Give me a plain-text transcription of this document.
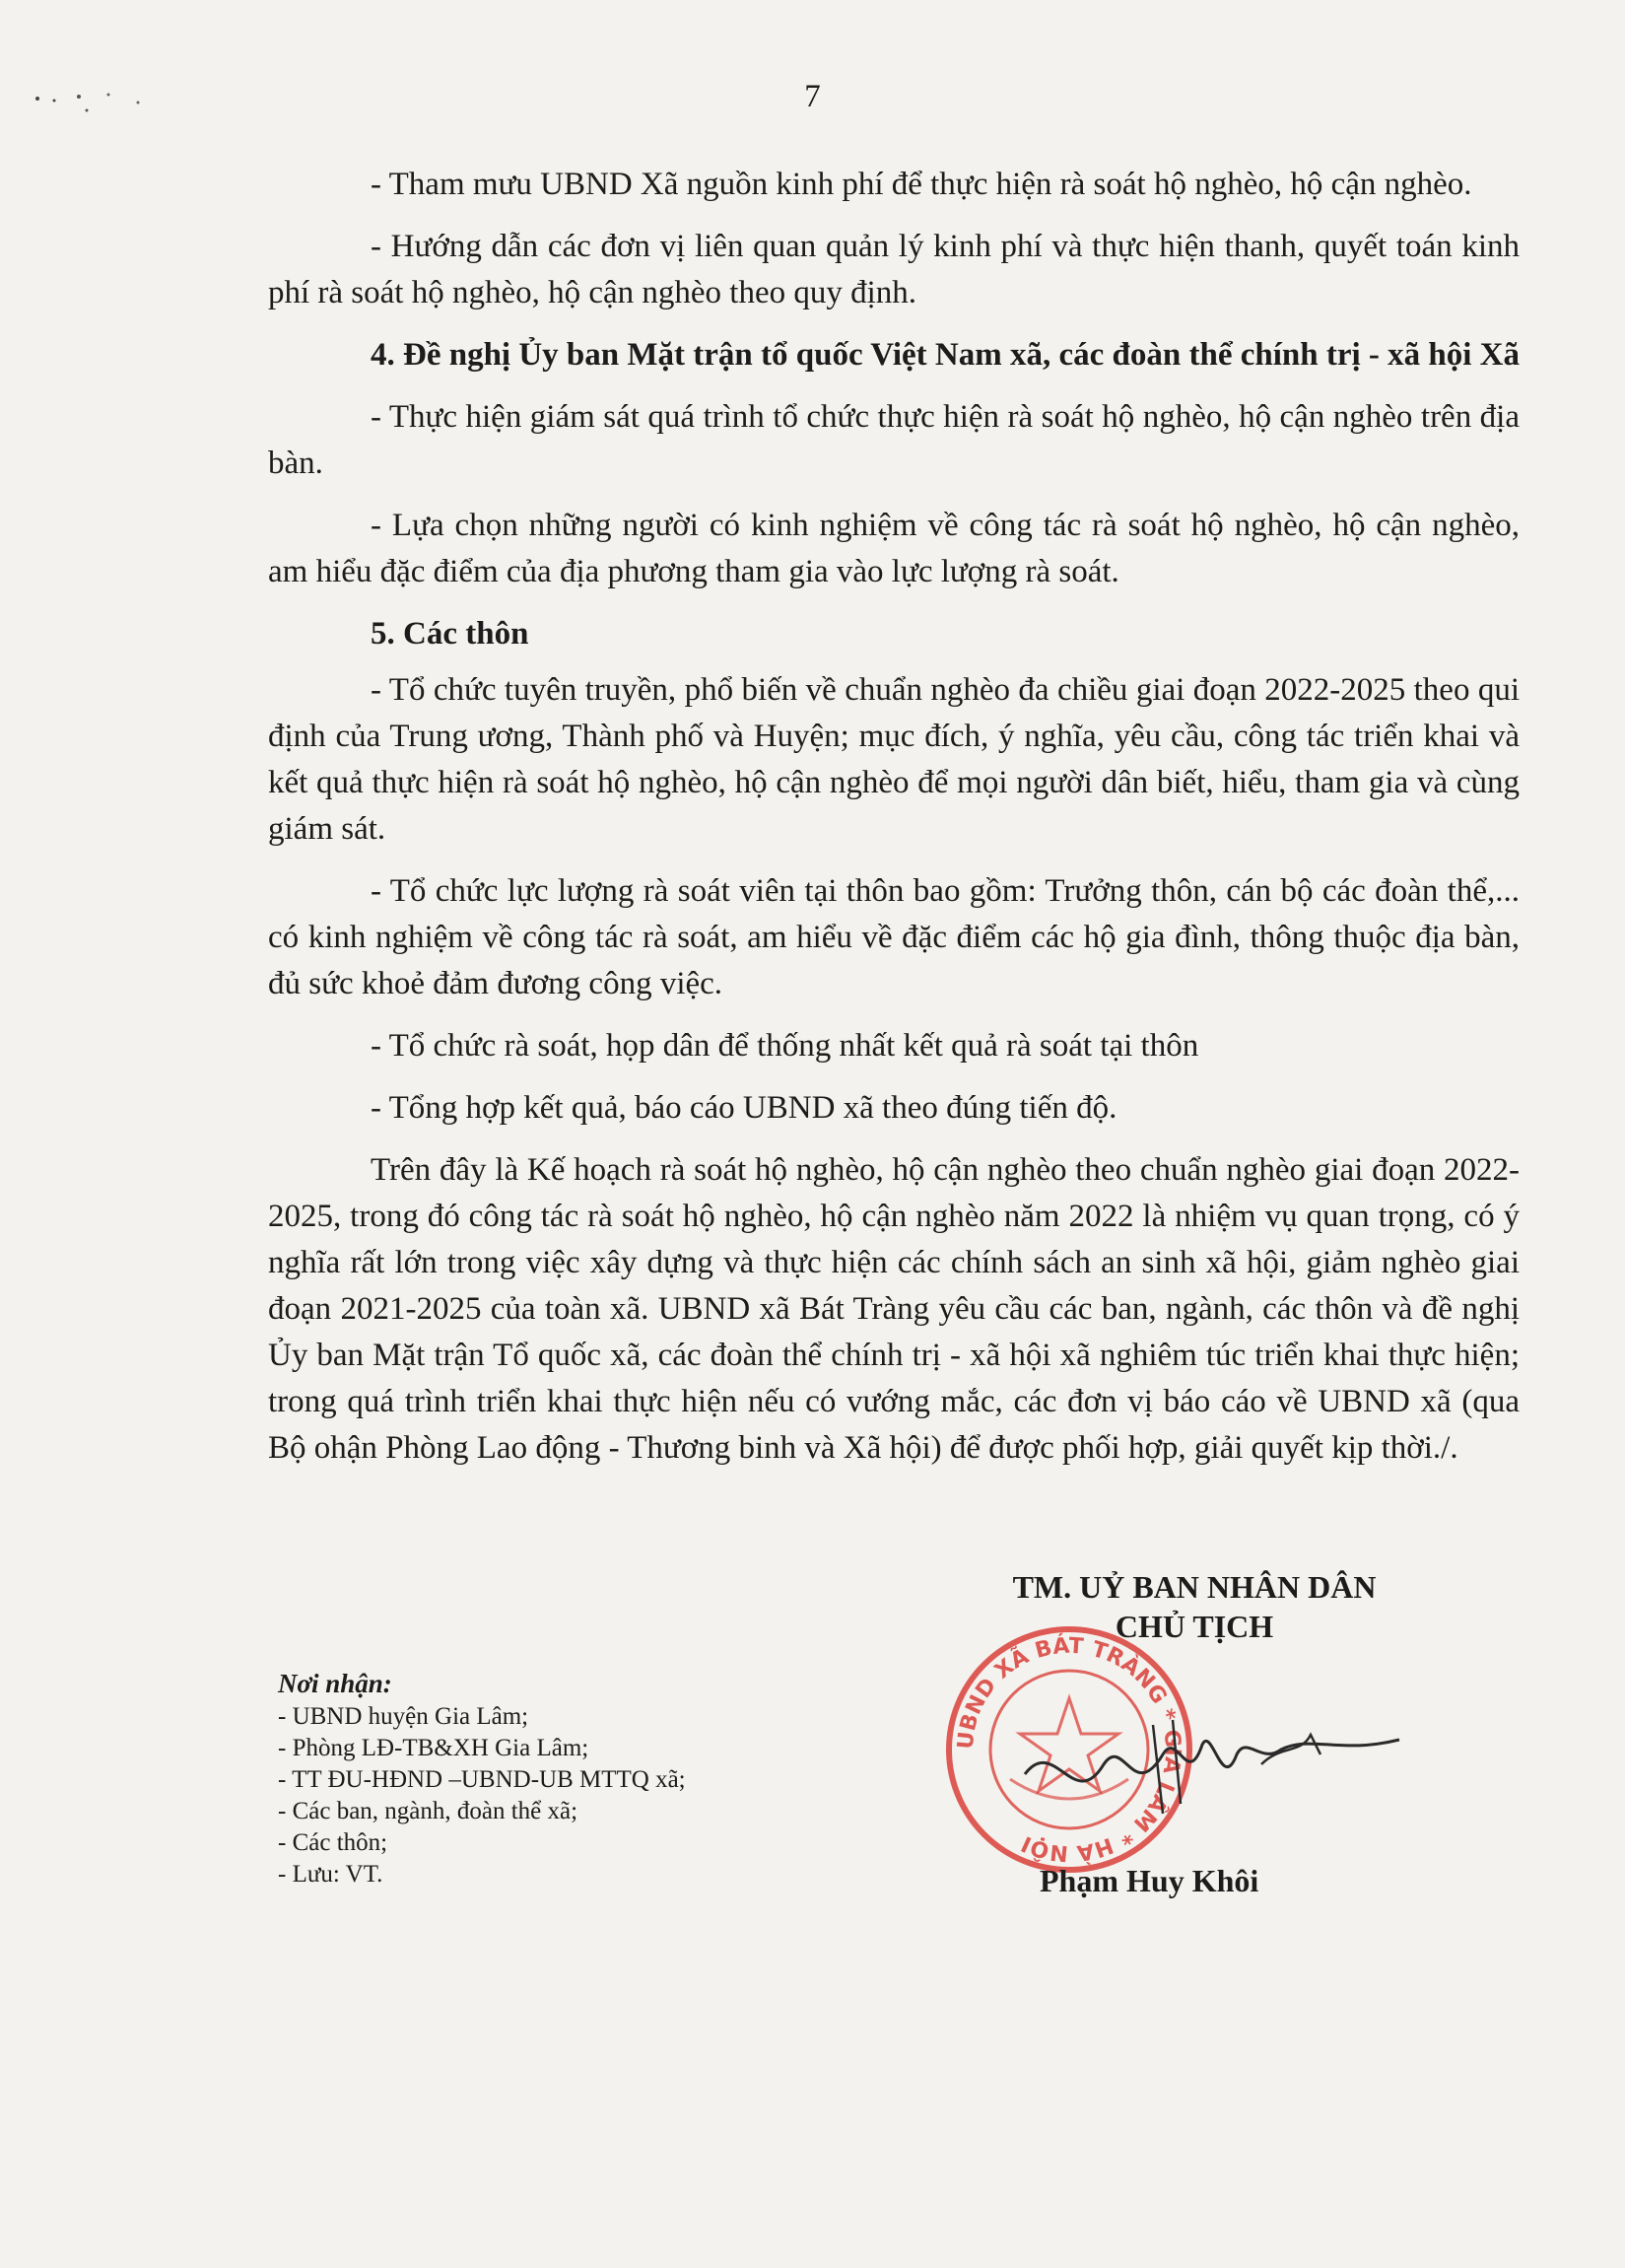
7

- Tham mưu UBND Xã nguồn kinh phí để thực hiện rà soát hộ nghèo, hộ cận nghèo.

- Hướng dẫn các đơn vị liên quan quản lý kinh phí và thực hiện thanh, quyết toán kinh phí rà soát hộ nghèo, hộ cận nghèo theo quy định.

4. Đề nghị Ủy ban Mặt trận tổ quốc Việt Nam xã, các đoàn thể chính trị - xã hội Xã

- Thực hiện giám sát quá trình tổ chức thực hiện rà soát hộ nghèo, hộ cận nghèo trên địa bàn.

- Lựa chọn những người có kinh nghiệm về công tác rà soát hộ nghèo, hộ cận nghèo, am hiểu đặc điểm của địa phương tham gia vào lực lượng rà soát.

5. Các thôn

- Tổ chức tuyên truyền, phổ biến về chuẩn nghèo đa chiều giai đoạn 2022-2025 theo qui định của Trung ương, Thành phố và Huyện; mục đích, ý nghĩa, yêu cầu, công tác triển khai và kết quả thực hiện rà soát hộ nghèo, hộ cận nghèo để mọi người dân biết, hiểu, tham gia và cùng giám sát.

- Tổ chức lực lượng rà soát viên tại thôn bao gồm: Trưởng thôn, cán bộ các đoàn thể,... có kinh nghiệm về công tác rà soát, am hiểu về đặc điểm các hộ gia đình, thông thuộc địa bàn, đủ sức khoẻ đảm đương công việc.

- Tổ chức rà soát, họp dân để thống nhất kết quả rà soát tại thôn

- Tổng hợp kết quả, báo cáo UBND xã theo đúng tiến độ.

Trên đây là Kế hoạch rà soát hộ nghèo, hộ cận nghèo theo chuẩn nghèo giai đoạn 2022-2025, trong đó công tác rà soát hộ nghèo, hộ cận nghèo năm 2022 là nhiệm vụ quan trọng, có ý nghĩa rất lớn trong việc xây dựng và thực hiện các chính sách an sinh xã hội, giảm nghèo giai đoạn 2021-2025 của toàn xã. UBND xã Bát Tràng yêu cầu các ban, ngành, các thôn và đề nghị Ủy ban Mặt trận Tổ quốc xã, các đoàn thể chính trị - xã hội xã nghiêm túc triển khai thực hiện; trong quá trình triển khai thực hiện nếu có vướng mắc, các đơn vị báo cáo về UBND xã (qua Bộ ohận Phòng Lao động - Thương binh và Xã hội) để được phối hợp, giải quyết kịp thời./.

TM. UỶ BAN NHÂN DÂN
CHỦ TỊCH
UBND XÃ BÁT TRÀNG * GIA LÂM * HÀ NỘI
Phạm Huy Khôi
Nơi nhận:
- UBND huyện Gia Lâm;
- Phòng LĐ-TB&XH Gia Lâm;
- TT ĐU-HĐND –UBND-UB MTTQ xã;
- Các ban, ngành, đoàn thể xã;
- Các thôn;
- Lưu: VT.
